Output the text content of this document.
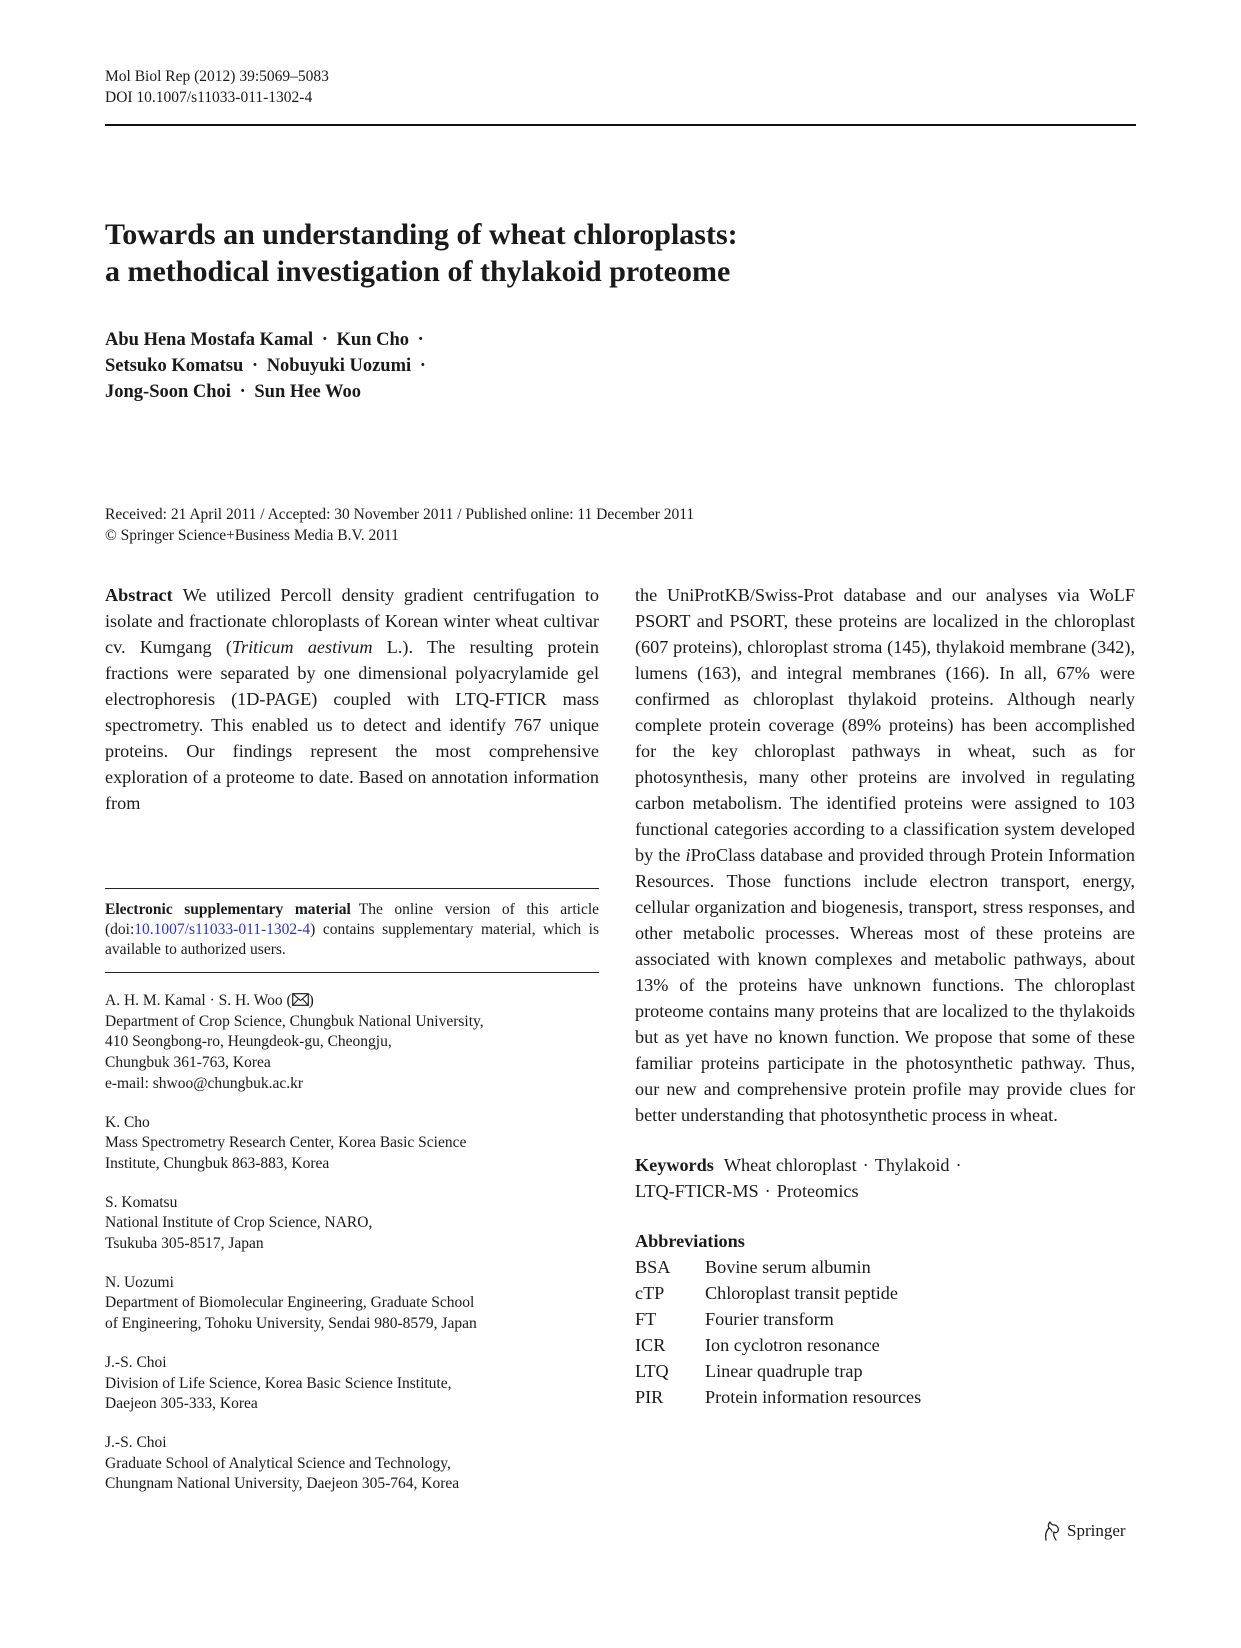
Mol Biol Rep (2012) 39:5069–5083
DOI 10.1007/s11033-011-1302-4
Towards an understanding of wheat chloroplasts:
a methodical investigation of thylakoid proteome
Abu Hena Mostafa Kamal · Kun Cho ·
Setsuko Komatsu · Nobuyuki Uozumi ·
Jong-Soon Choi · Sun Hee Woo
Received: 21 April 2011 / Accepted: 30 November 2011 / Published online: 11 December 2011
© Springer Science+Business Media B.V. 2011

Abstract We utilized Percoll density gradient centrifugation to isolate and fractionate chloroplasts of Korean winter wheat cultivar cv. Kumgang (Triticum aestivum L.). The resulting protein fractions were separated by one dimensional polyacrylamide gel electrophoresis (1D-PAGE) coupled with LTQ-FTICR mass spectrometry. This enabled us to detect and identify 767 unique proteins. Our findings represent the most comprehensive exploration of a proteome to date. Based on annotation information from

Electronic supplementary material The online version of this article (doi:10.1007/s11033-011-1302-4) contains supplementary material, which is available to authorized users.
A. H. M. Kamal · S. H. Woo ( )
Department of Crop Science, Chungbuk National University,
410 Seongbong-ro, Heungdeok-gu, Cheongju,
Chungbuk 361-763, Korea
e-mail: shwoo@chungbuk.ac.kr
K. Cho
Mass Spectrometry Research Center, Korea Basic Science
Institute, Chungbuk 863-883, Korea
S. Komatsu
National Institute of Crop Science, NARO,
Tsukuba 305-8517, Japan
N. Uozumi
Department of Biomolecular Engineering, Graduate School
of Engineering, Tohoku University, Sendai 980-8579, Japan
J.-S. Choi
Division of Life Science, Korea Basic Science Institute,
Daejeon 305-333, Korea
J.-S. Choi
Graduate School of Analytical Science and Technology,
Chungnam National University, Daejeon 305-764, Korea

the UniProtKB/Swiss-Prot database and our analyses via WoLF PSORT and PSORT, these proteins are localized in the chloroplast (607 proteins), chloroplast stroma (145), thylakoid membrane (342), lumens (163), and integral membranes (166). In all, 67% were confirmed as chloroplast thylakoid proteins. Although nearly complete protein coverage (89% proteins) has been accomplished for the key chloroplast pathways in wheat, such as for photosynthesis, many other proteins are involved in regulating carbon metabolism. The identified proteins were assigned to 103 functional categories according to a classification system developed by the iProClass database and provided through Protein Information Resources. Those functions include electron transport, energy, cellular organization and biogenesis, transport, stress responses, and other metabolic processes. Whereas most of these proteins are associated with known complexes and metabolic pathways, about 13% of the proteins have unknown functions. The chloroplast proteome contains many proteins that are localized to the thylakoids but as yet have no known function. We propose that some of these familiar proteins participate in the photosynthetic pathway. Thus, our new and comprehensive protein profile may provide clues for better understanding that photosynthetic process in wheat.

Keywords Wheat chloroplast · Thylakoid ·
LTQ-FTICR-MS · Proteomics
Abbreviations
BSA	Bovine serum albumin
cTP	Chloroplast transit peptide
FT	Fourier transform
ICR	Ion cyclotron resonance
LTQ	Linear quadruple trap
PIR	Protein information resources
Springer
